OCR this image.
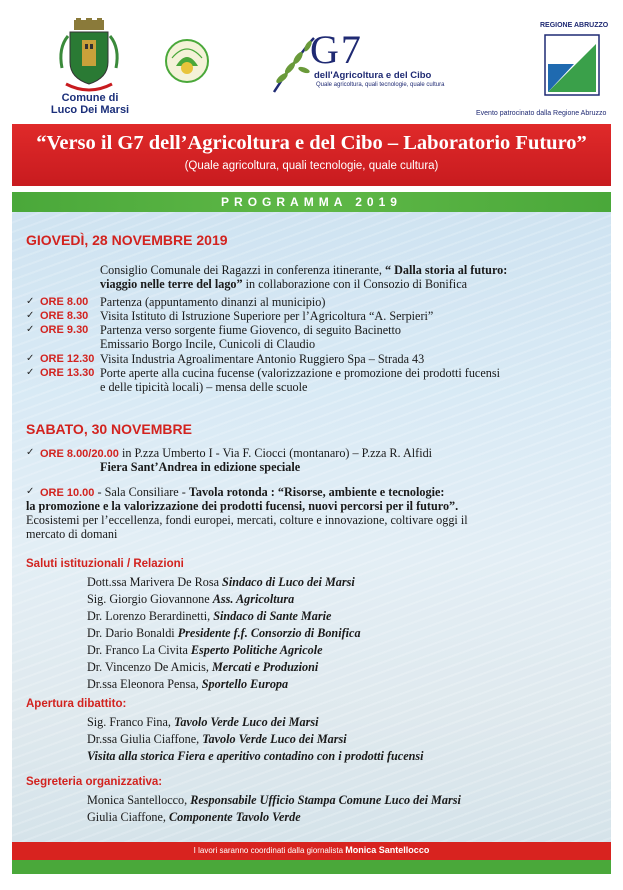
Comune di
Luco Dei Marsi
G7
dell'Agricoltura e del Cibo
Quale agricoltura, quali tecnologie, quale cultura
REGIONE ABRUZZO
Evento patrocinato dalla Regione Abruzzo
“Verso il G7 dell’Agricoltura e del Cibo – Laboratorio Futuro”
(Quale agricoltura, quali tecnologie, quale cultura)
PROGRAMMA 2019
GIOVEDÌ, 28 NOVEMBRE 2019
Consiglio Comunale dei Ragazzi in conferenza itinerante, “ Dalla storia al futuro:
viaggio nelle terre del lago” in collaborazione con il Consozio di Bonifica
✓ ORE 8.00 Partenza (appuntamento dinanzi al municipio)
✓ ORE 8.30 Visita Istituto di Istruzione Superiore per l’Agricoltura “A. Serpieri”
✓ ORE 9.30 Partenza verso sorgente fiume Giovenco, di seguito Bacinetto
Emissario Borgo Incile, Cunicoli di Claudio
✓ ORE 12.30 Visita Industria Agroalimentare Antonio Ruggiero Spa – Strada 43
✓ ORE 13.30 Porte aperte alla cucina fucense (valorizzazione e promozione dei prodotti fucensi
e delle tipicità locali) – mensa delle scuole
SABATO, 30 NOVEMBRE
✓ ORE 8.00/20.00 in P.zza Umberto I - Via F. Ciocci (montanaro) – P.zza R. Alfidi
Fiera Sant’Andrea in edizione speciale
✓ ORE 10.00 - Sala Consiliare - Tavola rotonda : “Risorse, ambiente e tecnologie:
la promozione e la valorizzazione dei prodotti fucensi, nuovi percorsi per il futuro”.
Ecosistemi per l’eccellenza, fondi europei, mercati, colture e innovazione, coltivare oggi il
mercato di domani
Saluti istituzionali / Relazioni
Dott.ssa Marivera De Rosa Sindaco di Luco dei Marsi
Sig. Giorgio Giovannone Ass. Agricoltura
Dr. Lorenzo Berardinetti, Sindaco di Sante Marie
Dr. Dario Bonaldi Presidente f.f. Consorzio di Bonifica
Dr. Franco La Civita Esperto Politiche Agricole
Dr. Vincenzo De Amicis, Mercati e Produzioni
Dr.ssa Eleonora Pensa, Sportello Europa
Apertura dibattito:
Sig. Franco Fina, Tavolo Verde Luco dei Marsi
Dr.ssa Giulia Ciaffone, Tavolo Verde Luco dei Marsi
Visita alla storica Fiera e aperitivo contadino con i prodotti fucensi
Segreteria organizzativa:
Monica Santellocco, Responsabile Ufficio Stampa Comune Luco dei Marsi
Giulia Ciaffone, Componente Tavolo Verde
I lavori saranno coordinati dalla giornalista Monica Santellocco
